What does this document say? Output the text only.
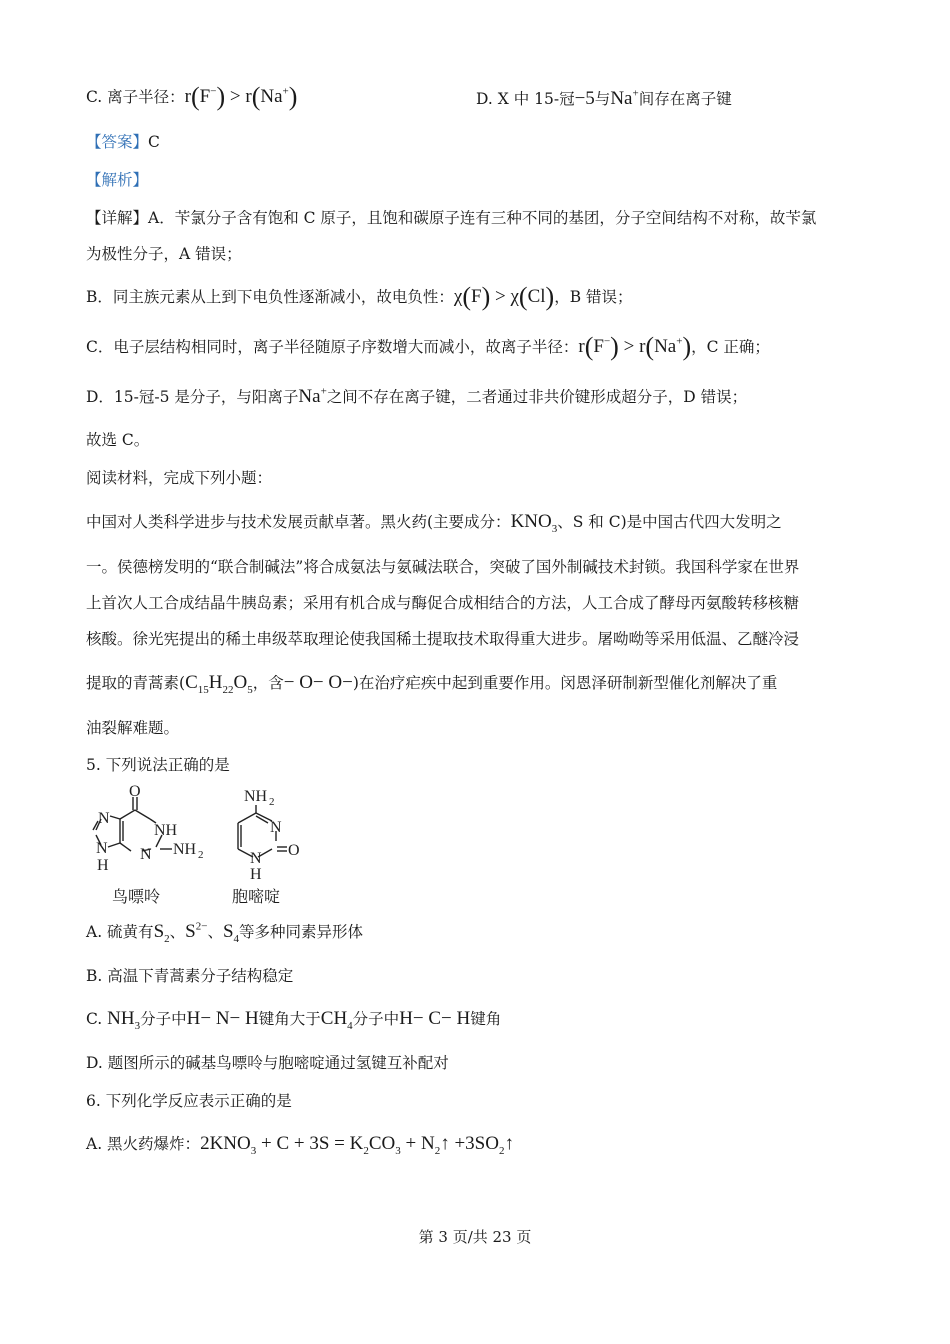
C. 离子半径：r(F−) > r(Na+)	D. X 中 15-冠−5与Na+间存在离子键
【答案】C
【解析】
【详解】A．苄氯分子含有饱和 C 原子，且饱和碳原子连有三种不同的基团，分子空间结构不对称，故苄氯
为极性分子，A 错误；
B．同主族元素从上到下电负性逐渐减小，故电负性：χ(F) > χ(Cl)，B 错误；
C．电子层结构相同时，离子半径随原子序数增大而减小，故离子半径：r(F−) > r(Na+)，C 正确；
D．15-冠-5 是分子，与阳离子Na+之间不存在离子键，二者通过非共价键形成超分子，D 错误；
故选 C。
阅读材料，完成下列小题：
中国对人类科学进步与技术发展贡献卓著。黑火药(主要成分：$KNO_3$、S 和 C)是中国古代四大发明之
一。侯德榜发明的“联合制碱法”将合成氨法与氨碱法联合，突破了国外制碱技术封锁。我国科学家在世界
上首次人工合成结晶牛胰岛素；采用有机合成与酶促合成相结合的方法，人工合成了酵母丙氨酸转移核糖
核酸。徐光宪提出的稀土串级萃取理论使我国稀土提取技术取得重大进步。屠呦呦等采用低温、乙醚冷浸
提取的青蒿素($C_{15}H_{22}O_5$，含− O− O−)在治疗疟疾中起到重要作用。闵恩泽研制新型催化剂解决了重
油裂解难题。
5. 下列说法正确的是
O
NH
N
N
N
H
NH 2
NH 2
N
N
H
O
鸟嘌呤	胞嘧啶
A. 硫黄有$S_2$、$S^{2-}$、$S_4$等多种同素异形体
B. 高温下青蒿素分子结构稳定
C. $NH_3$分子中H− N− H键角大于$CH_4$分子中H− C− H键角
D. 题图所示的碱基鸟嘌呤与胞嘧啶通过氢键互补配对
6. 下列化学反应表示正确的是
A. 黑火药爆炸：$2KNO_3 + C + 3S = K_2CO_3$ + $N_2↑$ $+3SO_2↑$
第 3 页/共 23 页
